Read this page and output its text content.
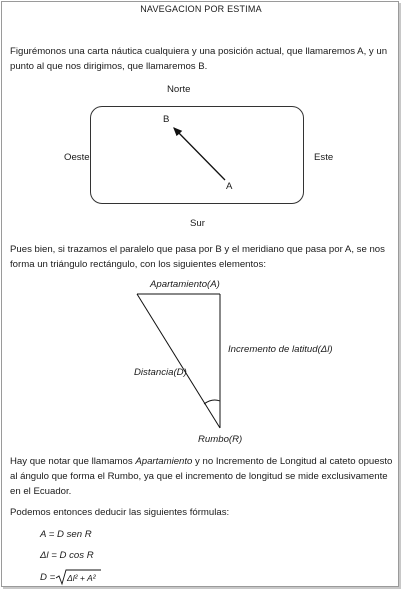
NAVEGACION POR ESTIMA
Figurémonos una carta náutica cualquiera y una posición actual, que llamaremos A, y un punto al que nos dirigimos, que llamaremos B.
Norte
Oeste	Este
Sur
B
A
Pues bien, si trazamos el paralelo que pasa por B y el meridiano que pasa por A, se nos forma un triángulo rectángulo, con los siguientes elementos:
Apartamiento(A)
Incremento de latitud(Δl)
Distancia(D)
Rumbo(R)
Hay que notar que llamamos Apartamiento y no Incremento de Longitud al cateto opuesto al ángulo que forma el Rumbo, ya que el incremento de longitud se mide exclusivamente en el Ecuador.
Podemos entonces deducir las siguientes fórmulas:
A = D sen R
Δl = D cos R
D = Δl² + A²
